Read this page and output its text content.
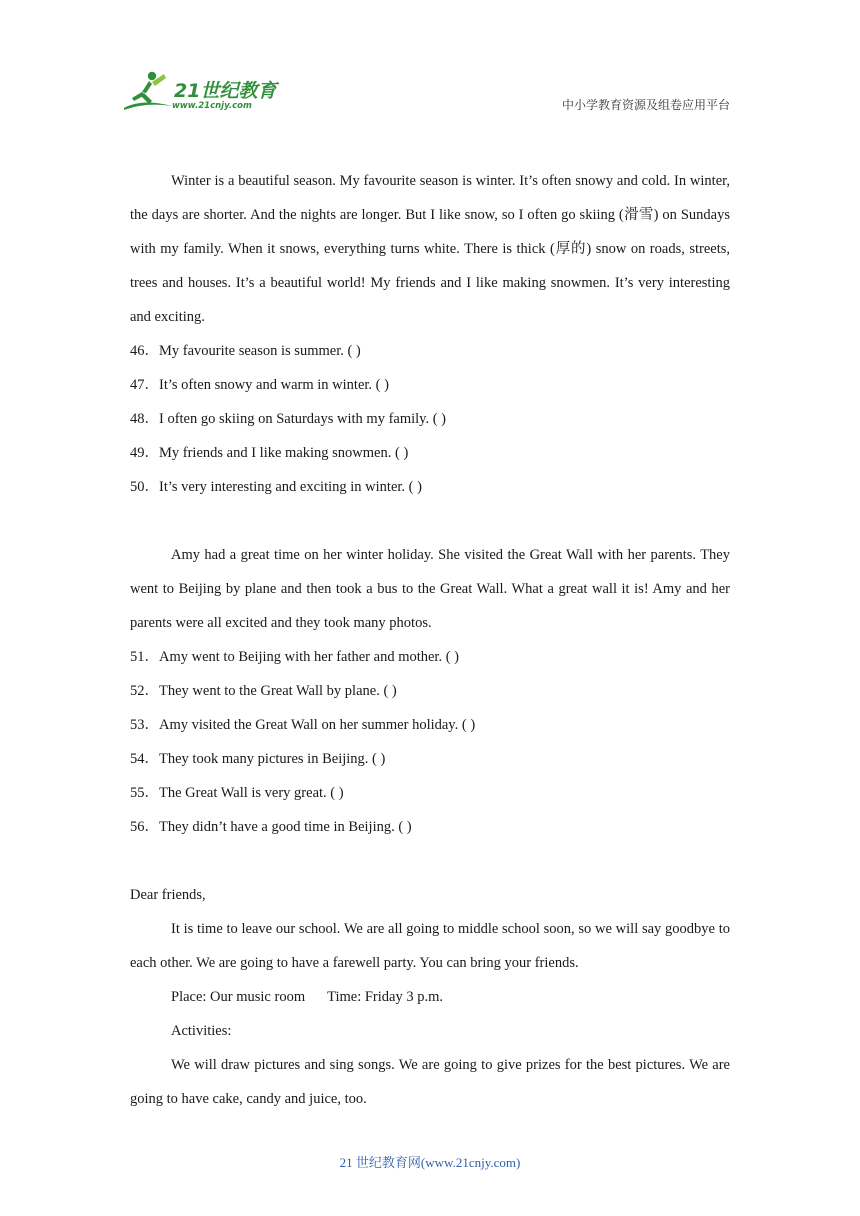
21世纪教育
www.21cnjy.com	中小学教育资源及组卷应用平台

Winter is a beautiful season. My favourite season is winter. It’s often snowy and cold. In winter, the days are shorter. And the nights are longer. But I like snow, so I often go skiing (滑雪) on Sundays with my family. When it snows, everything turns white. There is thick (厚的) snow on roads, streets, trees and houses. It’s a beautiful world! My friends and I like making snowmen. It’s very interesting and exciting.

46．My favourite season is summer. ( )

47．It’s often snowy and warm in winter. ( )

48．I often go skiing on Saturdays with my family. ( )

49．My friends and I like making snowmen. ( )

50．It’s very interesting and exciting in winter. ( )

Amy had a great time on her winter holiday. She visited the Great Wall with her parents. They went to Beijing by plane and then took a bus to the Great Wall. What a great wall it is! Amy and her parents were all excited and they took many photos.

51．Amy went to Beijing with her father and mother. ( )

52．They went to the Great Wall by plane. ( )

53．Amy visited the Great Wall on her summer holiday. ( )

54．They took many pictures in Beijing. ( )

55．The Great Wall is very great. ( )

56．They didn’t have a good time in Beijing. ( )

Dear friends,

It is time to leave our school. We are all going to middle school soon, so we will say goodbye to each other. We are going to have a farewell party. You can bring your friends.

Place: Our music room Time: Friday 3 p.m.

Activities:

We will draw pictures and sing songs. We are going to give prizes for the best pictures. We are going to have cake, candy and juice, too.

21 世纪教育网(www.21cnjy.com)
